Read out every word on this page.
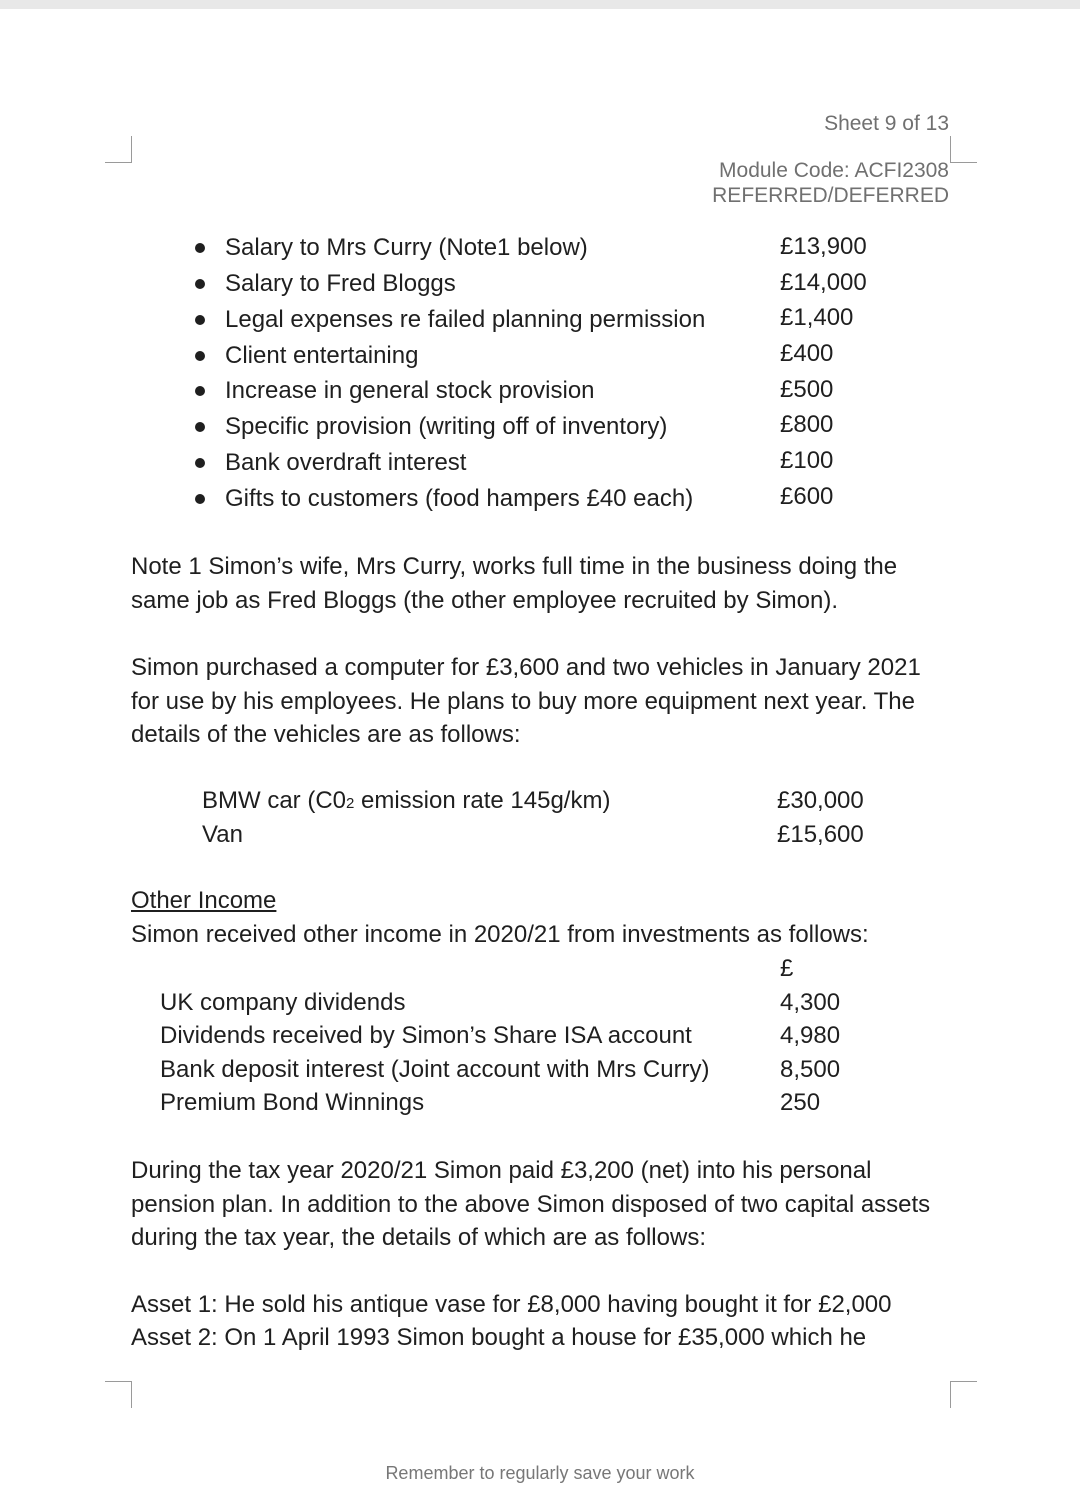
Sheet 9 of 13
Module Code: ACFI2308
REFERRED/DEFERRED
Salary to Mrs Curry (Note1 below)	£13,900
Salary to Fred Bloggs	£14,000
Legal expenses re failed planning permission	£1,400
Client entertaining	£400
Increase in general stock provision	£500
Specific provision (writing off of inventory)	£800
Bank overdraft interest	£100
Gifts to customers (food hampers £40 each)	£600
Note 1 Simon’s wife, Mrs Curry, works full time in the business doing the same job as Fred Bloggs (the other employee recruited by Simon).
Simon purchased a computer for £3,600 and two vehicles in January 2021 for use by his employees. He plans to buy more equipment next year. The details of the vehicles are as follows:
BMW car (C02 emission rate 145g/km)	£30,000
Van	£15,600
Other Income
Simon received other income in 2020/21 from investments as follows:
£
UK company dividends	4,300
Dividends received by Simon’s Share ISA account	4,980
Bank deposit interest (Joint account with Mrs Curry)	8,500
Premium Bond Winnings	250
During the tax year 2020/21 Simon paid £3,200 (net) into his personal pension plan. In addition to the above Simon disposed of two capital assets during the tax year, the details of which are as follows:
Asset 1: He sold his antique vase for £8,000 having bought it for £2,000
Asset 2: On 1 April 1993 Simon bought a house for £35,000 which he
Remember to regularly save your work
